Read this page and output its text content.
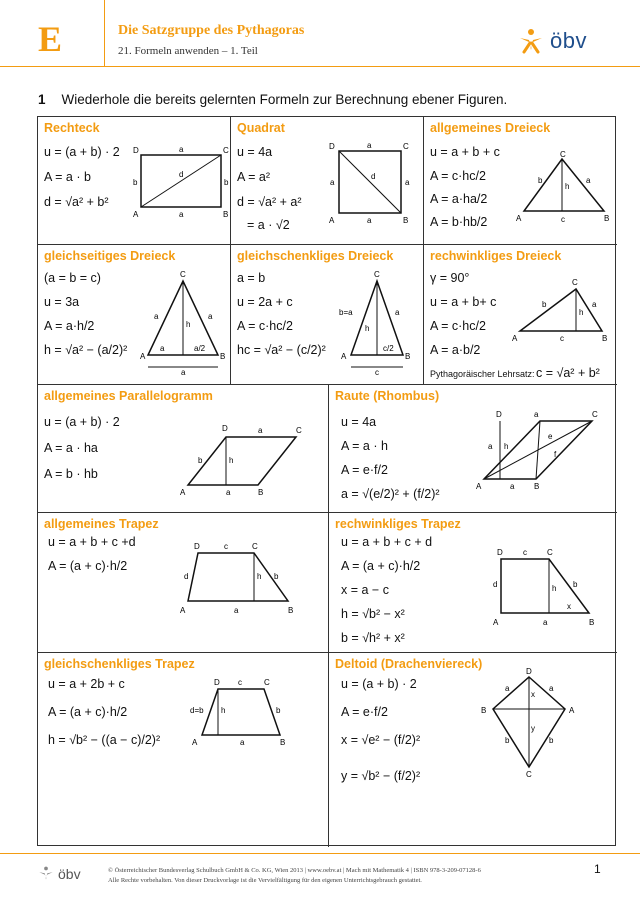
E	Die Satzgruppe des Pythagoras
21. Formeln anwenden – 1. Teil	öbv
1 Wiederhole die bereits gelernten Formeln zur Berechnung ebener Figuren.
Rechteck
u = (a + b) · 2
A = a · b
d = √a² + b²
D	a	C
b	b
d
A	a	B
Quadrat
u = 4a
A = a²
d = √a² + a²
= a · √2
D	a	C
a	a
d
A	a	B
allgemeines Dreieck
u = a + b + c
A = c·hc/2
A = a·ha/2
A = b·hb/2
C
b	a
h
A	c	B
gleichseitiges Dreieck
(a = b = c)
u = 3a
A = a·h/2
h = √a² − (a/2)²
C
a	a
h
A	B
a	a/2
a
gleichschenkliges Dreieck
a = b
u = 2a + c
A = c·hc/2
hc = √a² − (c/2)²
C
b=a	a
h
A	B
c/2
c
rechwinkliges Dreieck
γ = 90°
u = a + b+ c
A = c·hc/2
A = a·b/2
Pythagoräischer Lehrsatz: c = √a² + b²
C
b	a
h
A	c	B
allgemeines Parallelogramm
u = (a + b) · 2
A = a · ha
A = b · hb
D	a	C
b	h
A	a	B
Raute (Rhombus)
u = 4a
A = a · h
A = e·f/2
a = √(e/2)² + (f/2)²
D	a	C
a h
e
f
A	a B
allgemeines Trapez
u = a + b + c +d
A = (a + c)·h/2
D	c	C
d	h b
A	a	B
rechwinkliges Trapez
u = a + b + c + d
A = (a + c)·h/2
x = a − c
h = √b² − x²
b = √h² + x²
D	c	C
d	h b
x
A	a	B
gleichschenkliges Trapez
u = a + 2b + c
A = (a + c)·h/2
h = √b² − ((a − c)/2)²
D c	C
d=b h	b
A	a	B
Deltoid (Drachenviereck)
u = (a + b) · 2
A = e·f/2
x = √e² − (f/2)²
y = √b² − (f/2)²
D
B	A
C
a	a
x
y
b	b
öbv	© Österreichischer Bundesverlag Schulbuch GmbH & Co. KG, Wien 2013 | www.oebv.at | Mach mit Mathematik 4 | ISBN 978-3-209-07128-6
Alle Rechte vorbehalten. Von dieser Druckvorlage ist die Vervielfältigung für den eigenen Unterrichtsgebrauch gestattet.
1
